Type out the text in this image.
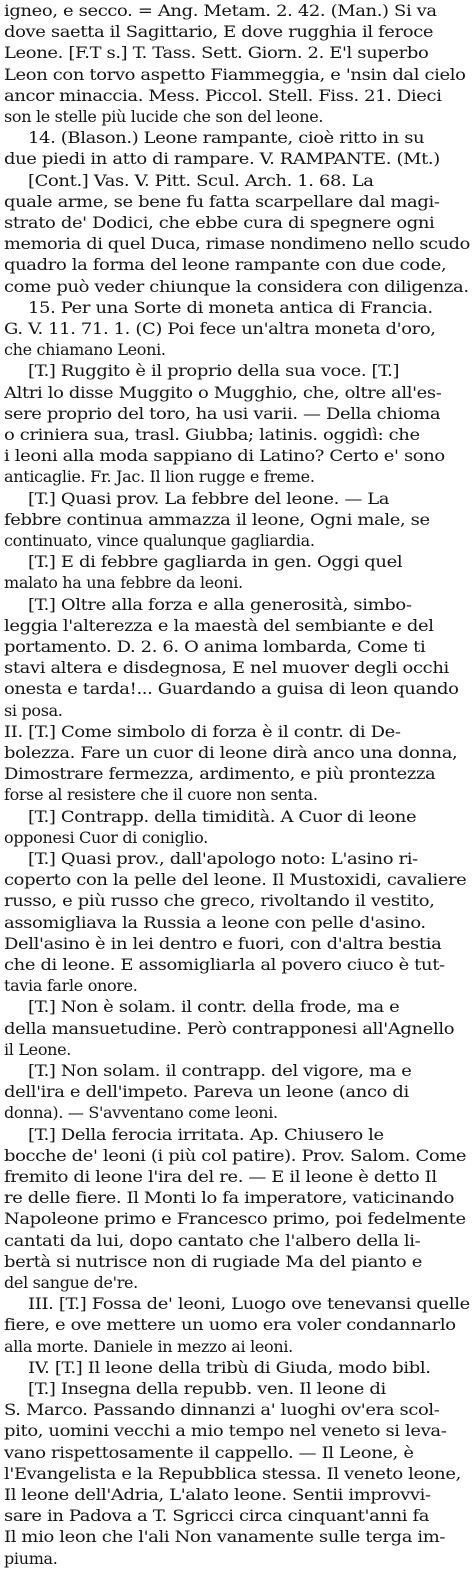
igneo, e secco. = Ang. Metam. 2. 42. (Man.) Si va
dove saetta il Sagittario, E dove rugghia il feroce
Leone. [F.T s.] T. Tass. Sett. Giorn. 2. E'l superbo
Leon con torvo aspetto Fiammeggia, e 'nsin dal cielo
ancor minaccia. Mess. Piccol. Stell. Fiss. 21. Dieci
son le stelle più lucide che son del leone.
14. (Blason.) Leone rampante, cioè ritto in su
due piedi in atto di rampare. V. RAMPANTE. (Mt.)
[Cont.] Vas. V. Pitt. Scul. Arch. 1. 68. La
quale arme, se bene fu fatta scarpellare dal magi-
strato de' Dodici, che ebbe cura di spegnere ogni
memoria di quel Duca, rimase nondimeno nello scudo
quadro la forma del leone rampante con due code,
come può veder chiunque la considera con diligenza.
15. Per una Sorte di moneta antica di Francia.
G. V. 11. 71. 1. (C) Poi fece un'altra moneta d'oro,
che chiamano Leoni.
[T.] Ruggito è il proprio della sua voce. [T.]
Altri lo disse Muggito o Mugghio, che, oltre all'es-
sere proprio del toro, ha usi varii. — Della chioma
o criniera sua, trasl. Giubba; latinis. oggidì: che
i leoni alla moda sappiano di Latino? Certo e' sono
anticaglie. Fr. Jac. Il lion rugge e freme.
[T.] Quasi prov. La febbre del leone. — La
febbre continua ammazza il leone, Ogni male, se
continuato, vince qualunque gagliardia.
[T.] E di febbre gagliarda in gen. Oggi quel
malato ha una febbre da leoni.
[T.] Oltre alla forza e alla generosità, simbo-
leggia l'alterezza e la maestà del sembiante e del
portamento. D. 2. 6. O anima lombarda, Come ti
stavi altera e disdegnosa, E nel muover degli occhi
onesta e tarda!... Guardando a guisa di leon quando
si posa.
II. [T.] Come simbolo di forza è il contr. di De-
bolezza. Fare un cuor di leone dirà anco una donna,
Dimostrare fermezza, ardimento, e più prontezza
forse al resistere che il cuore non senta.
[T.] Contrapp. della timidità. A Cuor di leone
opponesi Cuor di coniglio.
[T.] Quasi prov., dall'apologo noto: L'asino ri-
coperto con la pelle del leone. Il Mustoxidi, cavaliere
russo, e più russo che greco, rivoltando il vestito,
assomigliava la Russia a leone con pelle d'asino.
Dell'asino è in lei dentro e fuori, con d'altra bestia
che di leone. E assomigliarla al povero ciuco è tut-
tavia farle onore.
[T.] Non è solam. il contr. della frode, ma e
della mansuetudine. Però contrapponesi all'Agnello
il Leone.
[T.] Non solam. il contrapp. del vigore, ma e
dell'ira e dell'impeto. Pareva un leone (anco di
donna). — S'avventano come leoni.
[T.] Della ferocia irritata. Ap. Chiusero le
bocche de' leoni (i più col patire). Prov. Salom. Come
fremito di leone l'ira del re. — E il leone è detto Il
re delle fiere. Il Monti lo fa imperatore, vaticinando
Napoleone primo e Francesco primo, poi fedelmente
cantati da lui, dopo cantato che l'albero della li-
bertà si nutrisce non di rugiade Ma del pianto e
del sangue de're.
III. [T.] Fossa de' leoni, Luogo ove tenevansi quelle
fiere, e ove mettere un uomo era voler condannarlo
alla morte. Daniele in mezzo ai leoni.
IV. [T.] Il leone della tribù di Giuda, modo bibl.
[T.] Insegna della repubb. ven. Il leone di
S. Marco. Passando dinnanzi a' luoghi ov'era scol-
pito, uomini vecchi a mio tempo nel veneto si leva-
vano rispettosamente il cappello. — Il Leone, è
l'Evangelista e la Repubblica stessa. Il veneto leone,
Il leone dell'Adria, L'alato leone. Sentii improvvi-
sare in Padova a T. Sgricci circa cinquant'anni fa
Il mio leon che l'ali Non vanamente sulle terga im-
piuma.
